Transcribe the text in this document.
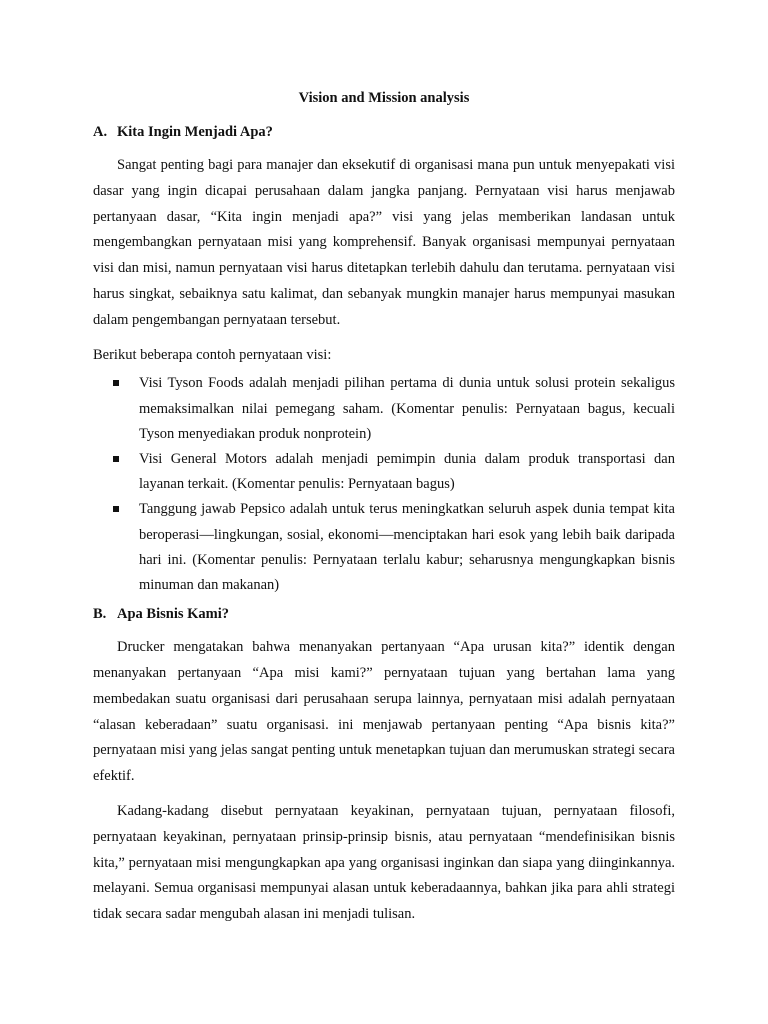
Vision and Mission analysis
A. Kita Ingin Menjadi Apa?

Sangat penting bagi para manajer dan eksekutif di organisasi mana pun untuk menyepakati visi dasar yang ingin dicapai perusahaan dalam jangka panjang. Pernyataan visi harus menjawab pertanyaan dasar, “Kita ingin menjadi apa?” visi yang jelas memberikan landasan untuk mengembangkan pernyataan misi yang komprehensif. Banyak organisasi mempunyai pernyataan visi dan misi, namun pernyataan visi harus ditetapkan terlebih dahulu dan terutama. pernyataan visi harus singkat, sebaiknya satu kalimat, dan sebanyak mungkin manajer harus mempunyai masukan dalam pengembangan pernyataan tersebut.

Berikut beberapa contoh pernyataan visi:

Visi Tyson Foods adalah menjadi pilihan pertama di dunia untuk solusi protein sekaligus memaksimalkan nilai pemegang saham. (Komentar penulis: Pernyataan bagus, kecuali Tyson menyediakan produk nonprotein)
Visi General Motors adalah menjadi pemimpin dunia dalam produk transportasi dan layanan terkait. (Komentar penulis: Pernyataan bagus)
Tanggung jawab Pepsico adalah untuk terus meningkatkan seluruh aspek dunia tempat kita beroperasi—lingkungan, sosial, ekonomi—menciptakan hari esok yang lebih baik daripada hari ini. (Komentar penulis: Pernyataan terlalu kabur; seharusnya mengungkapkan bisnis minuman dan makanan)
B. Apa Bisnis Kami?

Drucker mengatakan bahwa menanyakan pertanyaan “Apa urusan kita?” identik dengan menanyakan pertanyaan “Apa misi kami?” pernyataan tujuan yang bertahan lama yang membedakan suatu organisasi dari perusahaan serupa lainnya, pernyataan misi adalah pernyataan “alasan keberadaan” suatu organisasi. ini menjawab pertanyaan penting “Apa bisnis kita?” pernyataan misi yang jelas sangat penting untuk menetapkan tujuan dan merumuskan strategi secara efektif.

Kadang-kadang disebut pernyataan keyakinan, pernyataan tujuan, pernyataan filosofi, pernyataan keyakinan, pernyataan prinsip-prinsip bisnis, atau pernyataan “mendefinisikan bisnis kita,” pernyataan misi mengungkapkan apa yang organisasi inginkan dan siapa yang diinginkannya. melayani. Semua organisasi mempunyai alasan untuk keberadaannya, bahkan jika para ahli strategi tidak secara sadar mengubah alasan ini menjadi tulisan.
